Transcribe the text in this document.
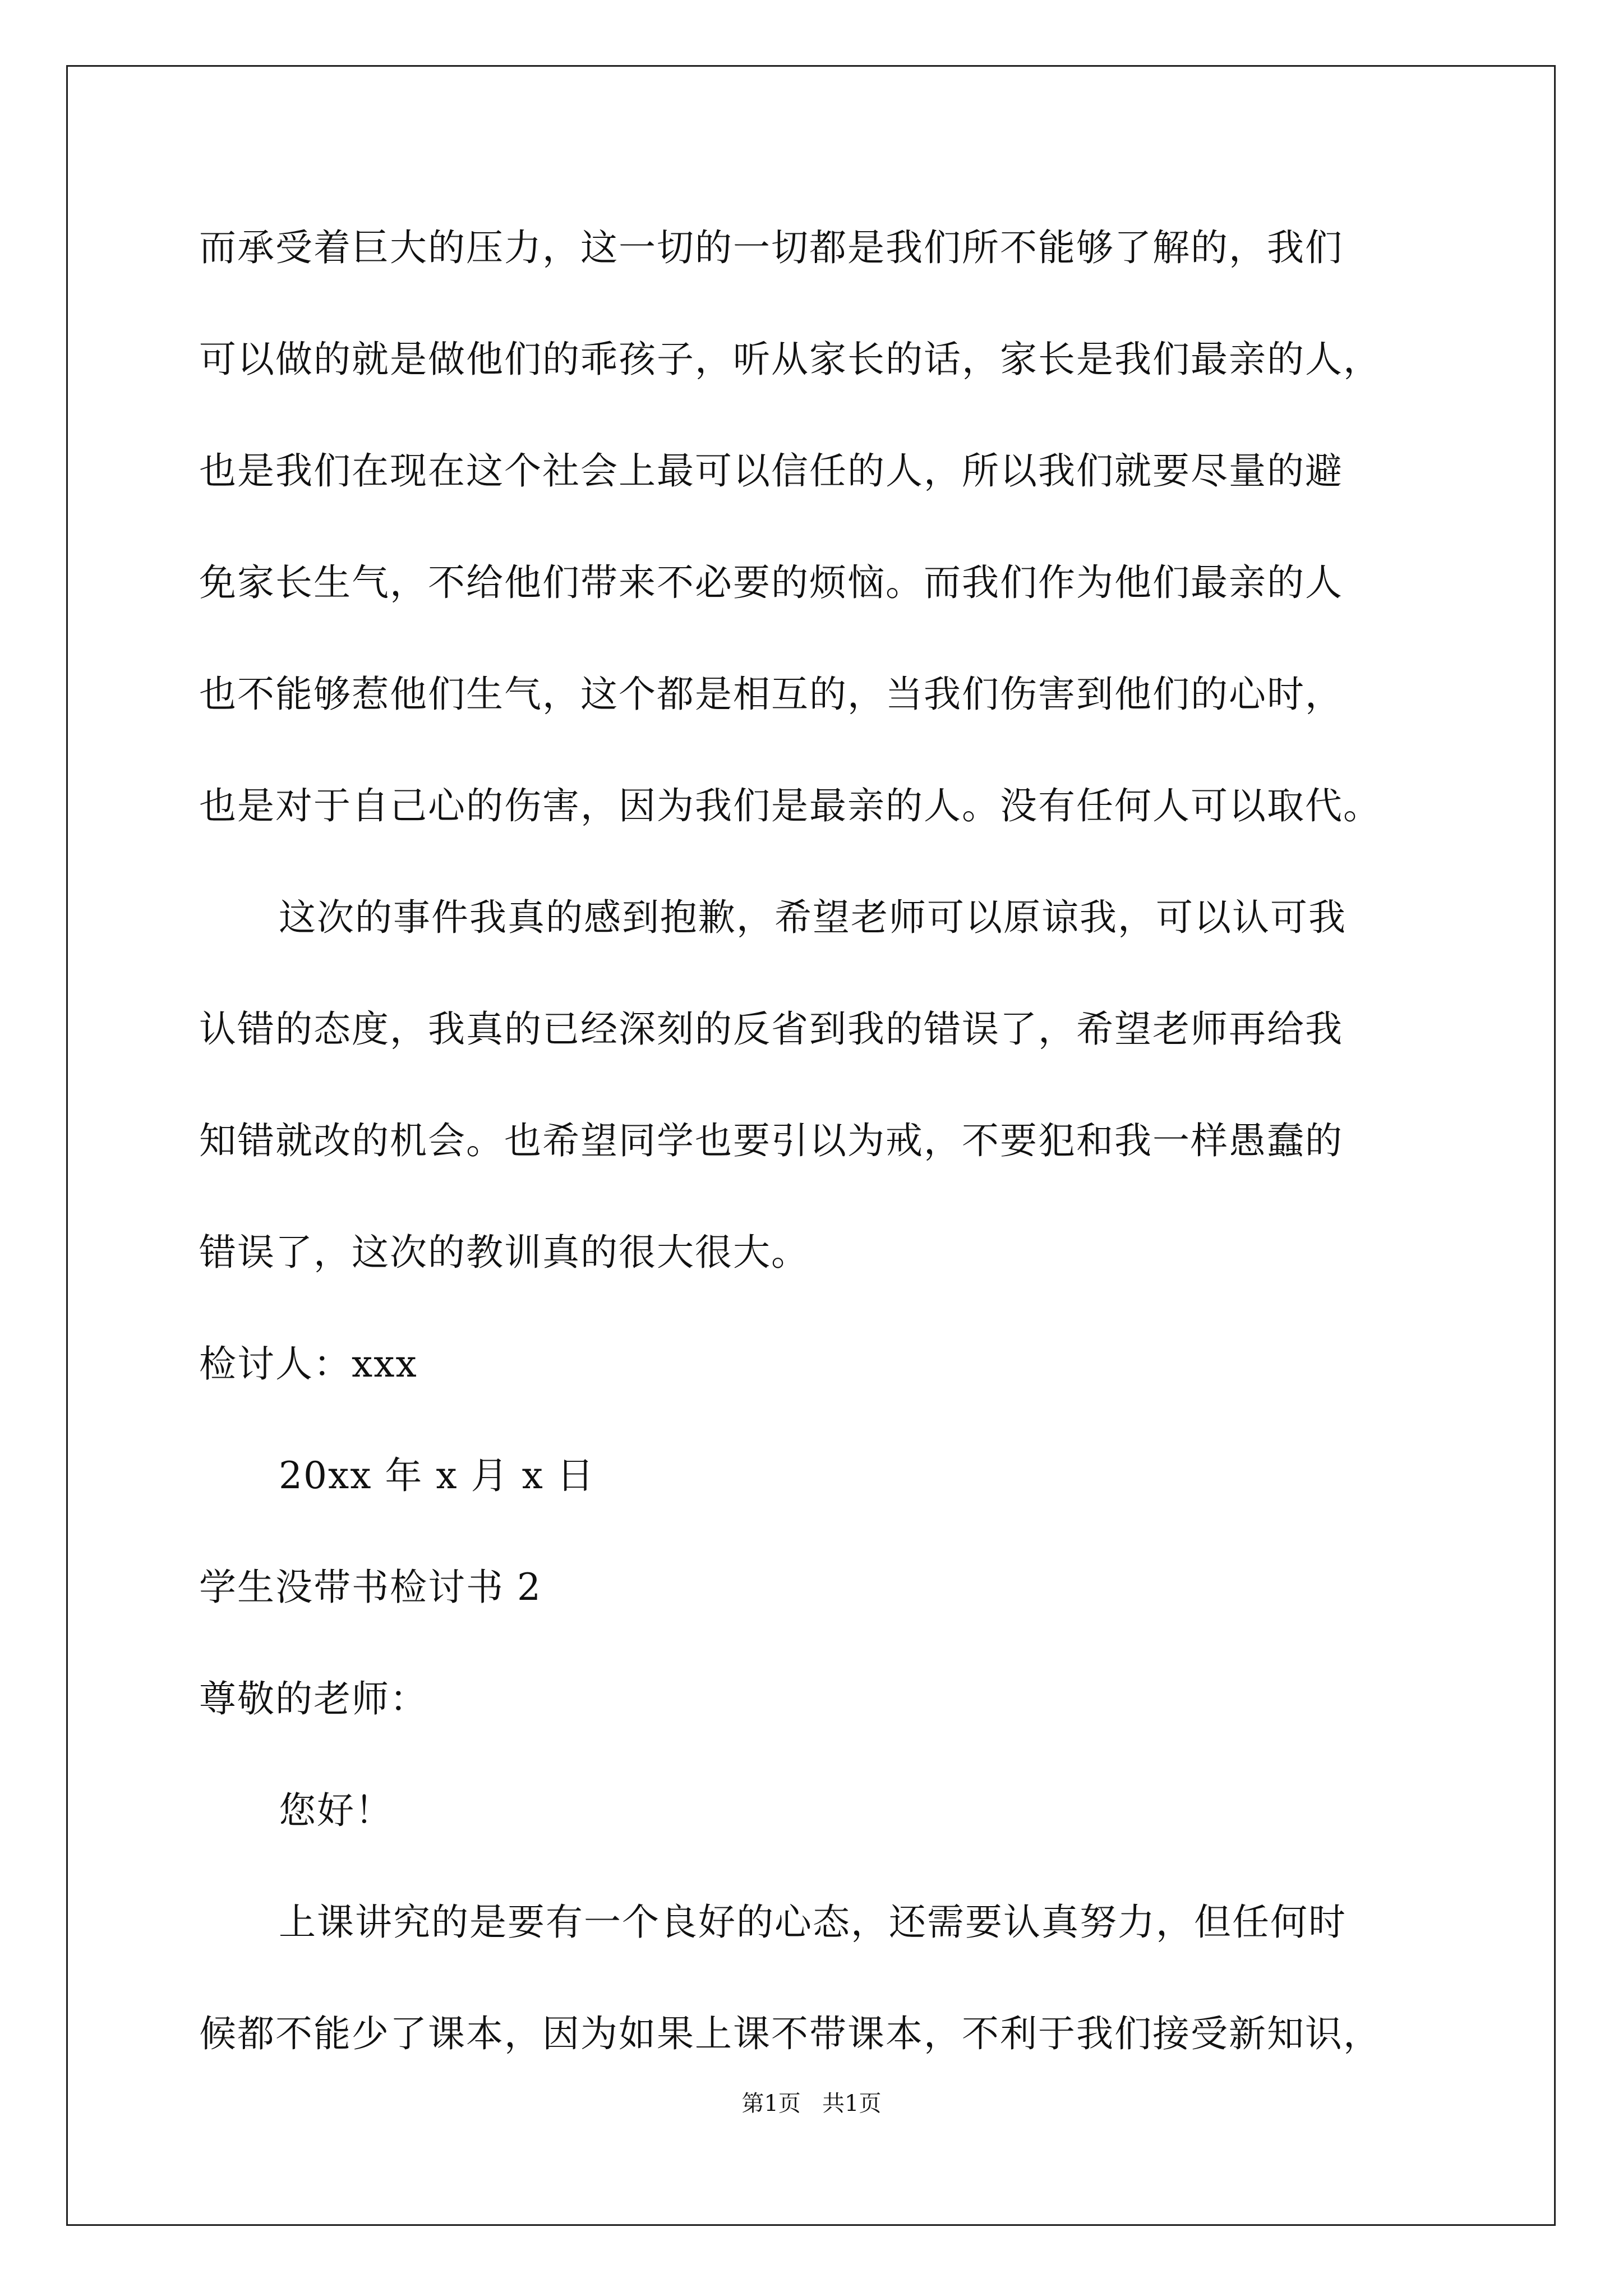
而承受着巨大的压力，这一切的一切都是我们所不能够了解的，我们
可以做的就是做他们的乖孩子，听从家长的话，家长是我们最亲的人，
也是我们在现在这个社会上最可以信任的人，所以我们就要尽量的避
免家长生气，不给他们带来不必要的烦恼。而我们作为他们最亲的人
也不能够惹他们生气，这个都是相互的，当我们伤害到他们的心时，
也是对于自己心的伤害，因为我们是最亲的人。没有任何人可以取代。
这次的事件我真的感到抱歉，希望老师可以原谅我，可以认可我
认错的态度，我真的已经深刻的反省到我的错误了，希望老师再给我
知错就改的机会。也希望同学也要引以为戒，不要犯和我一样愚蠢的
错误了，这次的教训真的很大很大。
检讨人：xxx
20xx 年 x 月 x 日
学生没带书检讨书 2
尊敬的老师：
您好！
上课讲究的是要有一个良好的心态，还需要认真努力，但任何时
候都不能少了课本，因为如果上课不带课本，不利于我们接受新知识，
第1页   共1页
